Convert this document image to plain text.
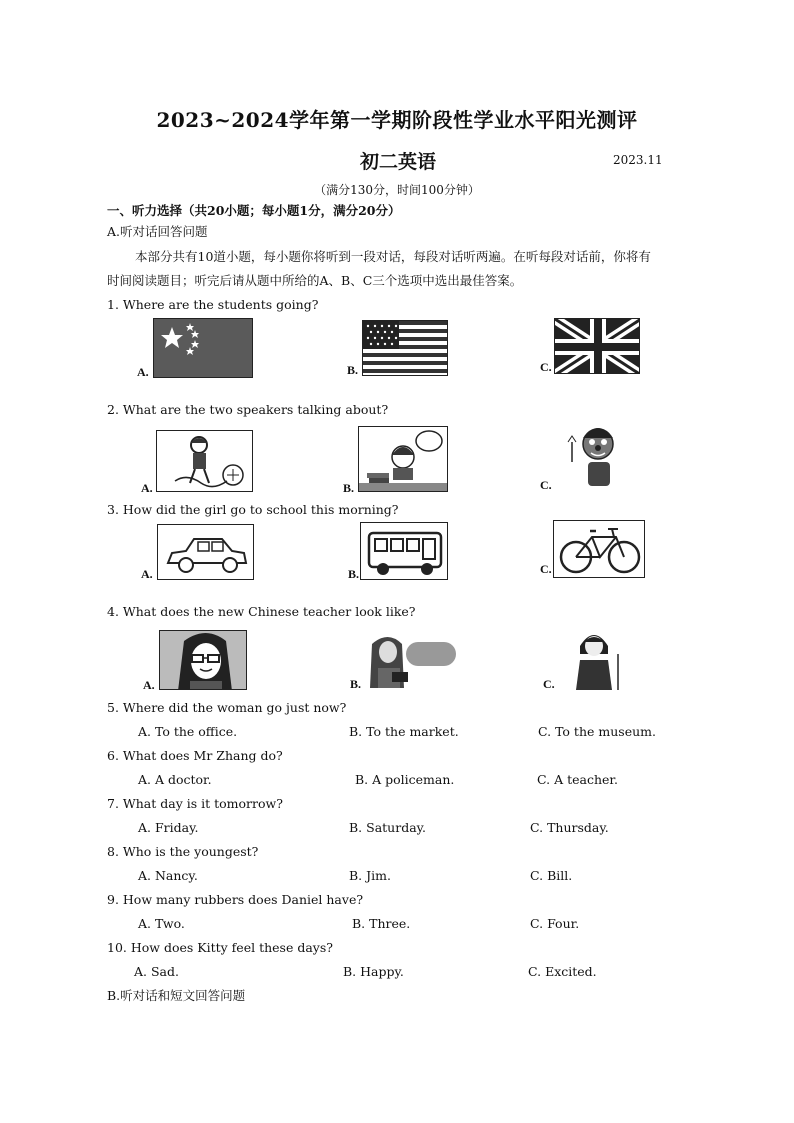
2023~2024学年第一学期阶段性学业水平阳光测评
初二英语	2023.11
（满分130分，时间100分钟）
一、听力选择（共20小题；每小题1分，满分20分）
A.听对话回答问题
本部分共有10道小题，每小题你将听到一段对话，每段对话听两遍。在听每段对话前，你将有
时间阅读题目；听完后请从题中所给的A、B、C三个选项中选出最佳答案。
1. Where are the students going?
A.	B.	C.
2. What are the two speakers talking about?
A.	B.	C.
3. How did the girl go to school this morning?
A.	B.	C.
4. What does the new Chinese teacher look like?
A.	B.	C.
5. Where did the woman go just now?
A. To the office.	B. To the market.	C. To the museum.
6. What does Mr Zhang do?
A. A doctor.	B. A policeman.	C. A teacher.
7. What day is it tomorrow?
A. Friday.	B. Saturday.	C. Thursday.
8. Who is the youngest?
A. Nancy.	B. Jim.	C. Bill.
9. How many rubbers does Daniel have?
A. Two.	B. Three.	C. Four.
10. How does Kitty feel these days?
A. Sad.	B. Happy.	C. Excited.
B.听对话和短文回答问题
